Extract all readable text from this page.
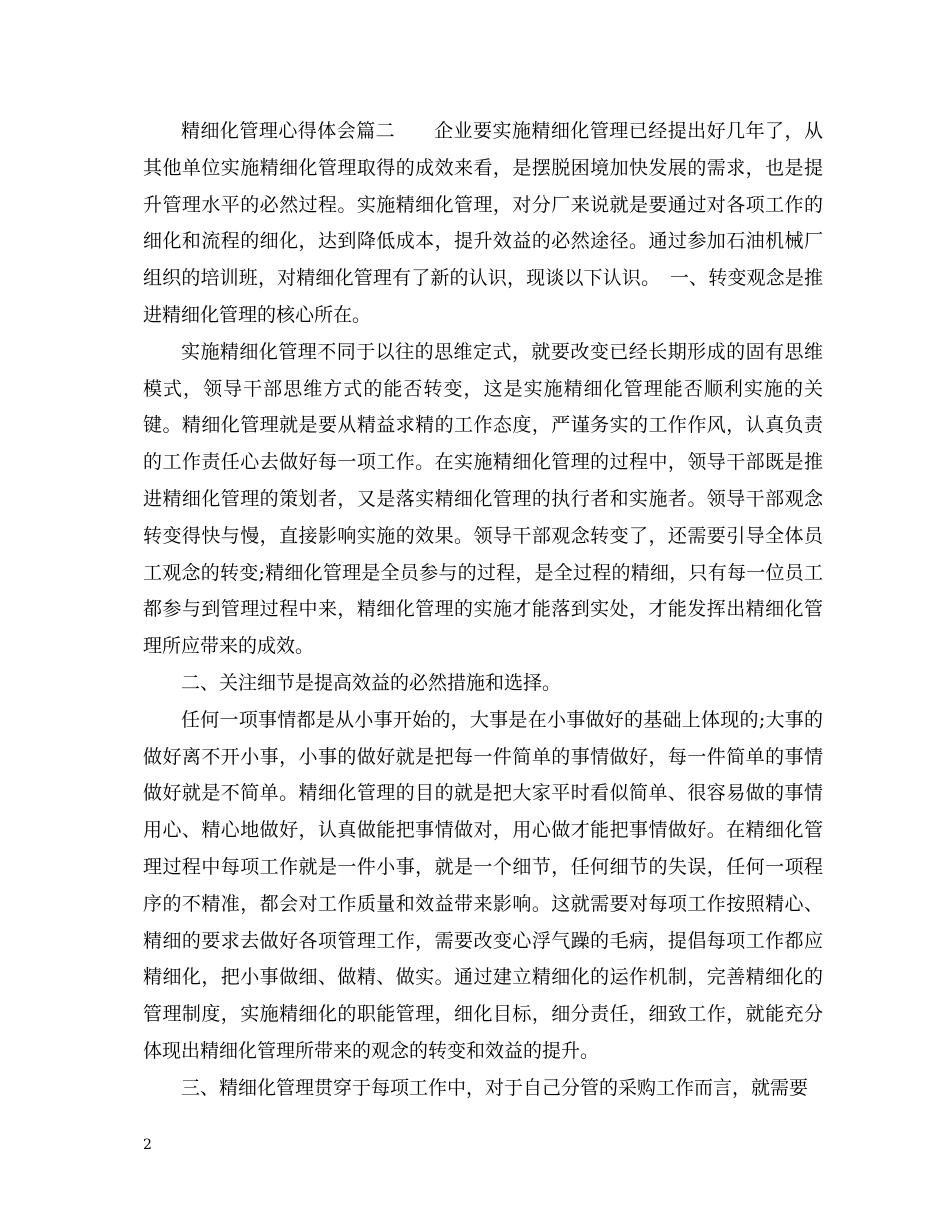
精细化管理心得体会篇二　　企业要实施精细化管理已经提出好几年了，从其他单位实施精细化管理取得的成效来看，是摆脱困境加快发展的需求，也是提升管理水平的必然过程。实施精细化管理，对分厂来说就是要通过对各项工作的细化和流程的细化，达到降低成本，提升效益的必然途径。通过参加石油机械厂组织的培训班，对精细化管理有了新的认识，现谈以下认识。　一、转变观念是推进精细化管理的核心所在。

实施精细化管理不同于以往的思维定式，就要改变已经长期形成的固有思维模式，领导干部思维方式的能否转变，这是实施精细化管理能否顺利实施的关键。精细化管理就是要从精益求精的工作态度，严谨务实的工作作风，认真负责的工作责任心去做好每一项工作。在实施精细化管理的过程中，领导干部既是推进精细化管理的策划者，又是落实精细化管理的执行者和实施者。领导干部观念转变得快与慢，直接影响实施的效果。领导干部观念转变了，还需要引导全体员工观念的转变;精细化管理是全员参与的过程，是全过程的精细，只有每一位员工都参与到管理过程中来，精细化管理的实施才能落到实处，才能发挥出精细化管理所应带来的成效。

二、关注细节是提高效益的必然措施和选择。

任何一项事情都是从小事开始的，大事是在小事做好的基础上体现的;大事的做好离不开小事，小事的做好就是把每一件简单的事情做好，每一件简单的事情做好就是不简单。精细化管理的目的就是把大家平时看似简单、很容易做的事情用心、精心地做好，认真做能把事情做对，用心做才能把事情做好。在精细化管理过程中每项工作就是一件小事，就是一个细节，任何细节的失误，任何一项程序的不精准，都会对工作质量和效益带来影响。这就需要对每项工作按照精心、精细的要求去做好各项管理工作，需要改变心浮气躁的毛病，提倡每项工作都应精细化，把小事做细、做精、做实。通过建立精细化的运作机制，完善精细化的管理制度，实施精细化的职能管理，细化目标，细分责任，细致工作，就能充分体现出精细化管理所带来的观念的转变和效益的提升。

三、精细化管理贯穿于每项工作中，对于自己分管的采购工作而言，就需要

2
